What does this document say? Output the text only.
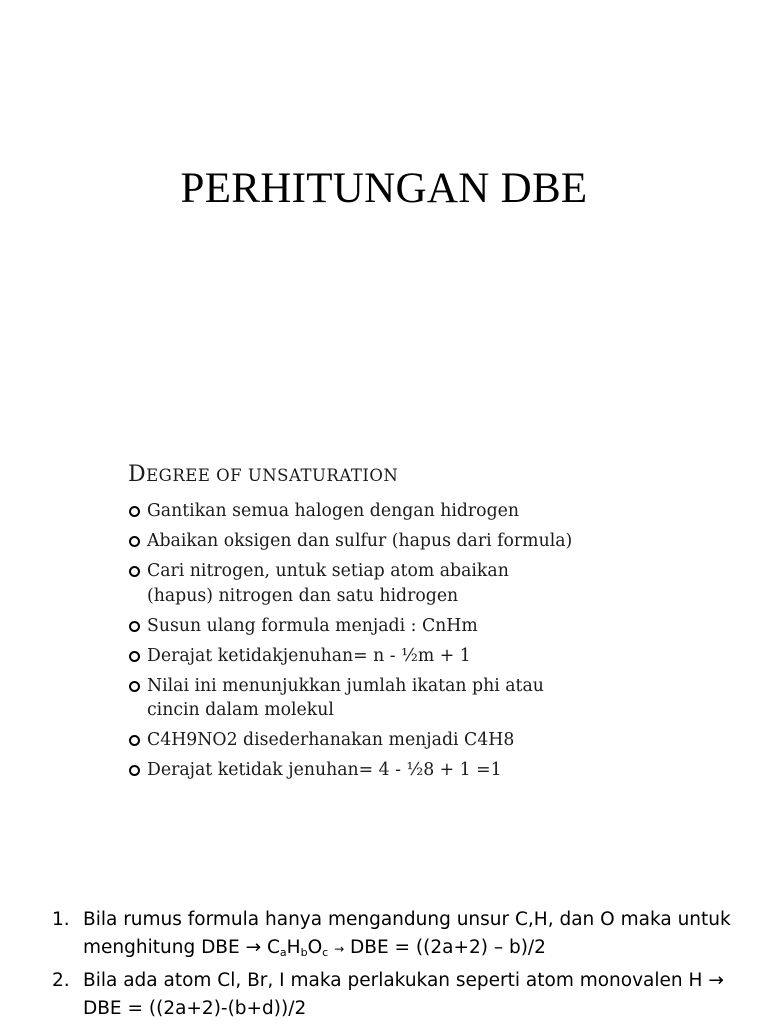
PERHITUNGAN DBE
DEGREE OF UNSATURATION
Gantikan semua halogen dengan hidrogen
Abaikan oksigen dan sulfur (hapus dari formula)
Cari nitrogen, untuk setiap atom abaikan
(hapus) nitrogen dan satu hidrogen
Susun ulang formula menjadi : CnHm
Derajat ketidakjenuhan= n - ½m + 1
Nilai ini menunjukkan jumlah ikatan phi atau
cincin dalam molekul
C4H9NO2 disederhanakan menjadi C4H8
Derajat ketidak jenuhan= 4 - ½8 + 1 =1
1. Bila rumus formula hanya mengandung unsur C,H, dan O maka untuk
menghitung DBE → $C_aH_bO_c$ → DBE = ((2a+2) – b)/2
2. Bila ada atom Cl, Br, I maka perlakukan seperti atom monovalen H →
DBE = ((2a+2)-(b+d))/2
